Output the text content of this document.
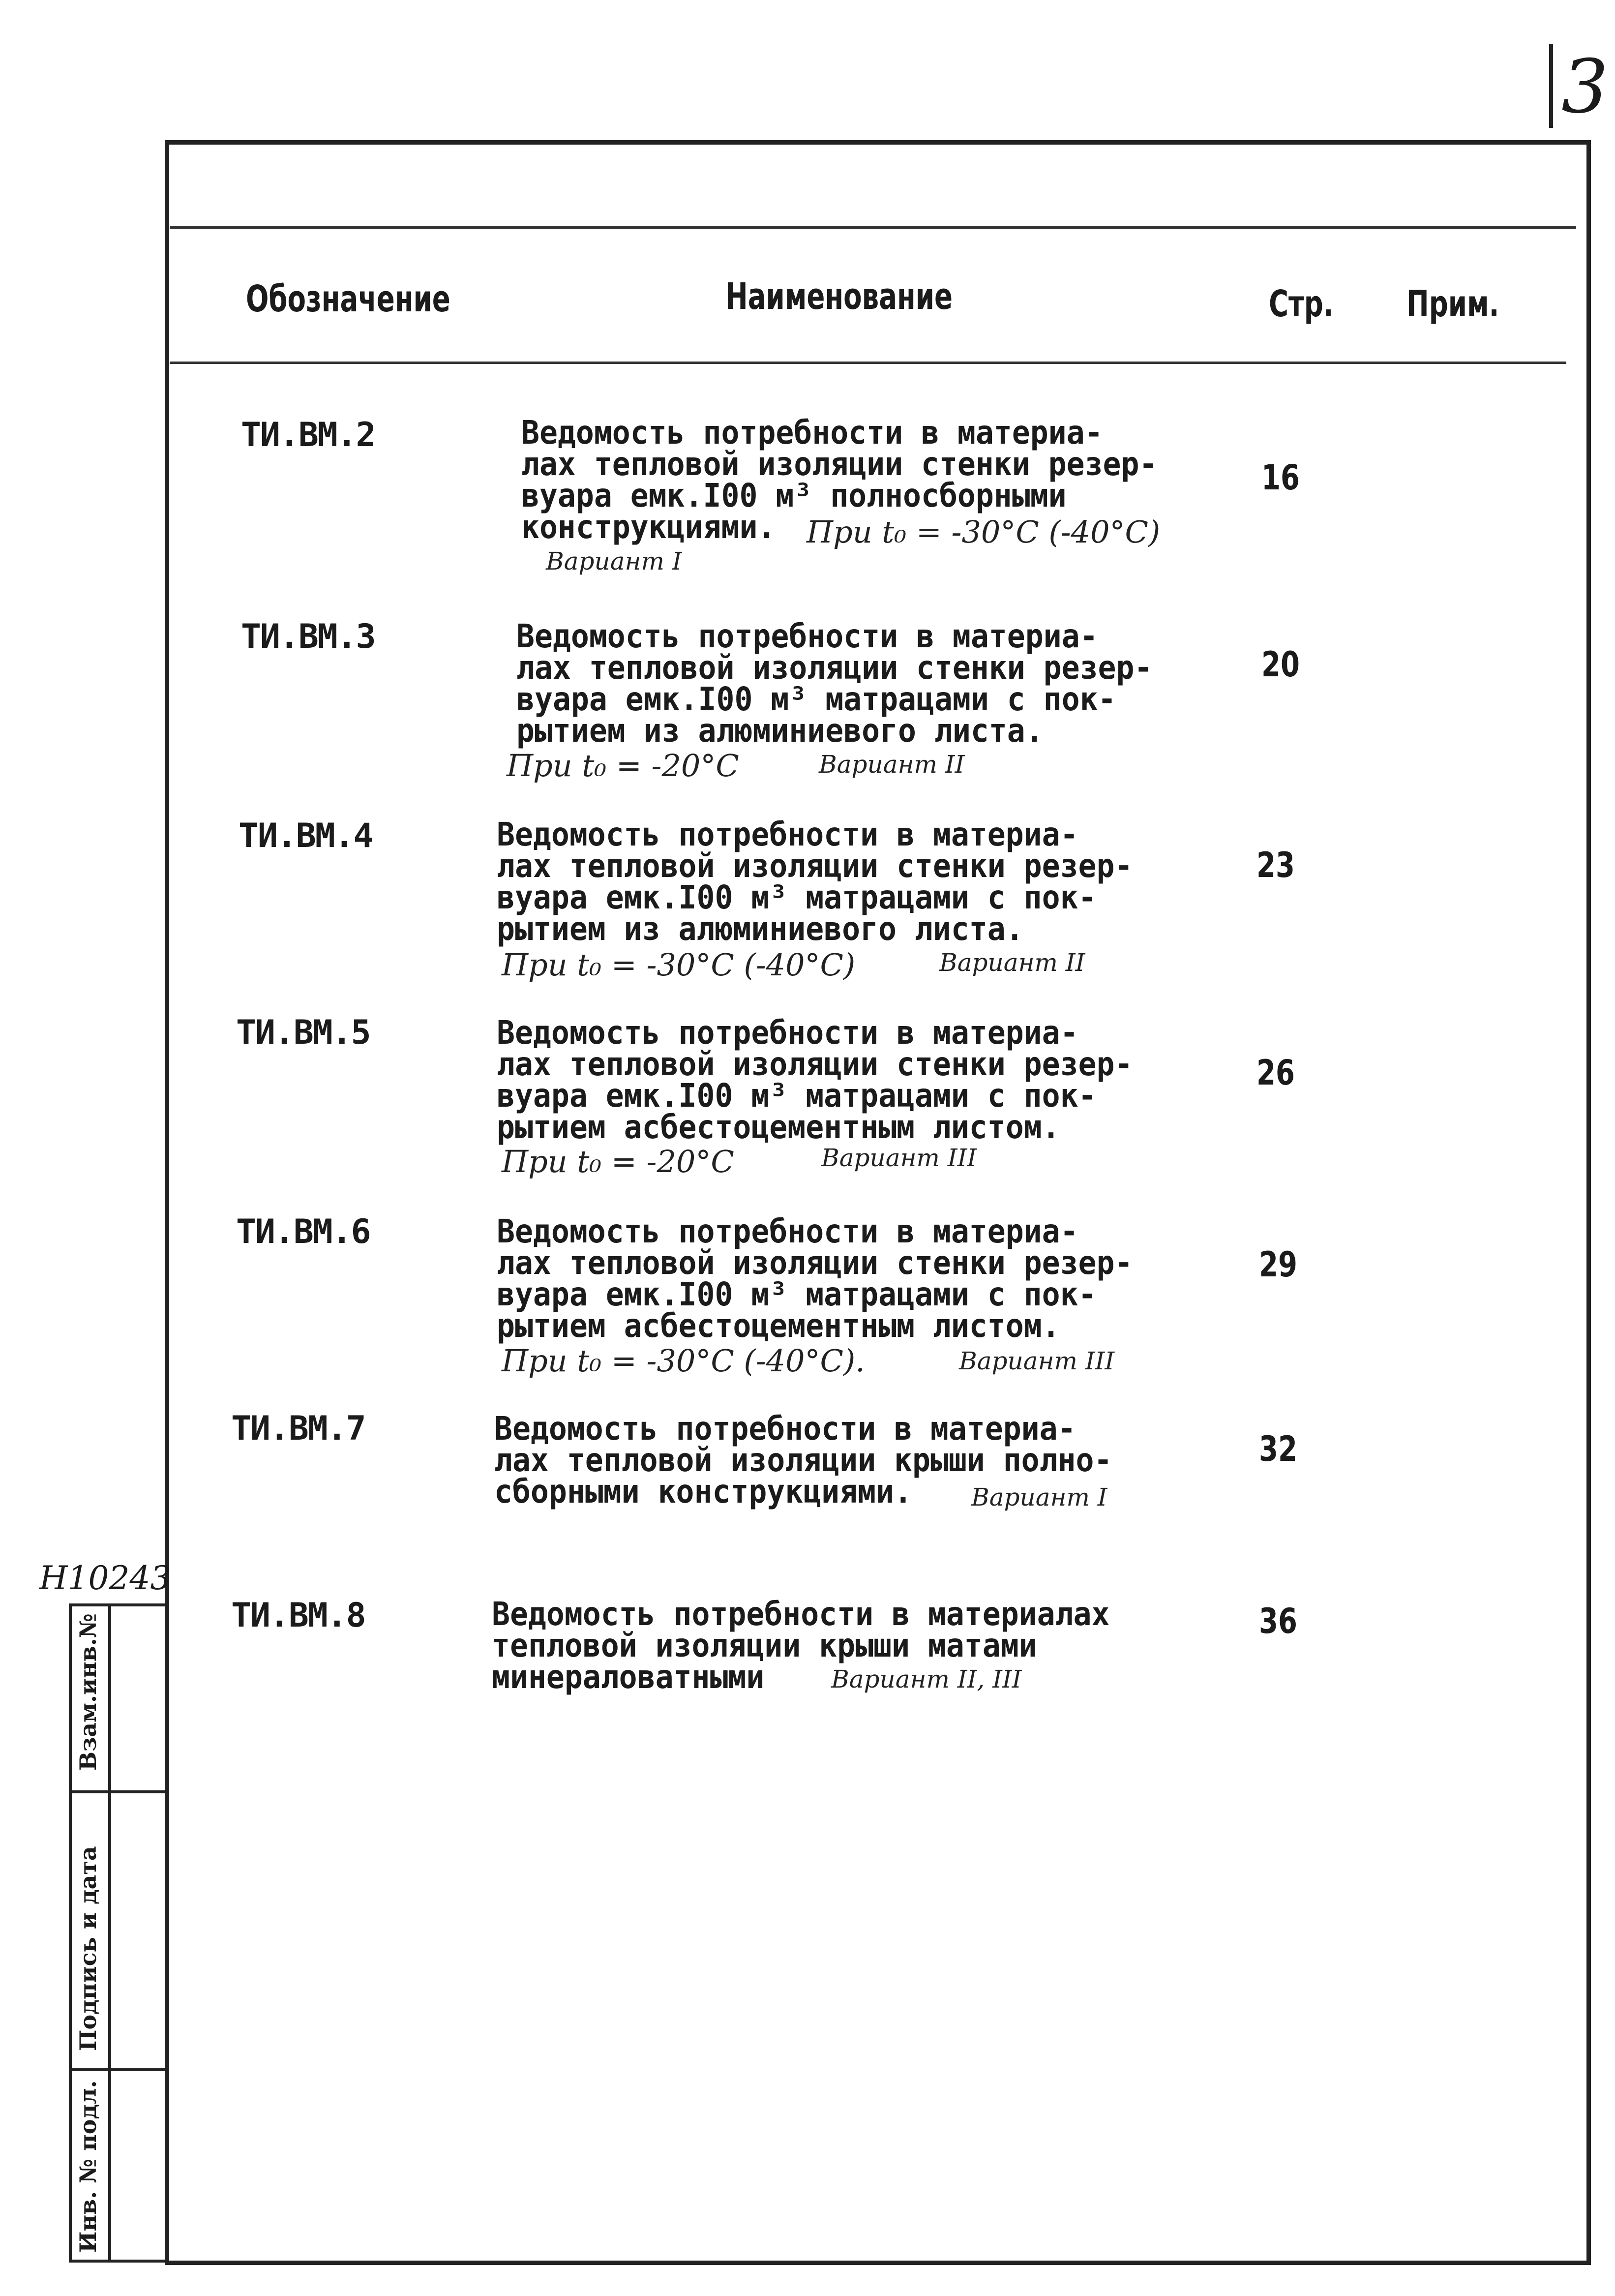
3
Обозначение	Наименование	Стр. Прим.
ТИ.ВМ.2	Ведомость потребности в материа-
лах тепловой изоляции стенки резер-
вуара емк.I00 м³ полносборными
конструкциями.	При t₀ = -30°C (-40°C)
Вариант I
16
ТИ.ВМ.3	Ведомость потребности в материа-
лах тепловой изоляции стенки резер-
вуара емк.I00 м³ матрацами с пок-
рытием из алюминиевого листа.
При t₀ = -20°C	Вариант II
20
ТИ.ВМ.4	Ведомость потребности в материа-
лах тепловой изоляции стенки резер-
вуара емк.I00 м³ матрацами с пок-
рытием из алюминиевого листа.
При t₀ = -30°C (-40°C)	Вариант II
23
ТИ.ВМ.5	Ведомость потребности в материа-
лах тепловой изоляции стенки резер-
вуара емк.I00 м³ матрацами с пок-
рытием асбестоцементным листом.
При t₀ = -20°C	Вариант III
26
ТИ.ВМ.6	Ведомость потребности в материа-
лах тепловой изоляции стенки резер-
вуара емк.I00 м³ матрацами с пок-
рытием асбестоцементным листом.
При t₀ = -30°C (-40°C).	Вариант III
29
ТИ.ВМ.7	Ведомость потребности в материа-
лах тепловой изоляции крыши полно-
сборными конструкциями.	Вариант I
32
ТИ.ВМ.8	Ведомость потребности в материалах
тепловой изоляции крыши матами
минераловатными	Вариант II, III
36
H10243
Взам.инв.№
Подпись и дата
Инв. № подл.
